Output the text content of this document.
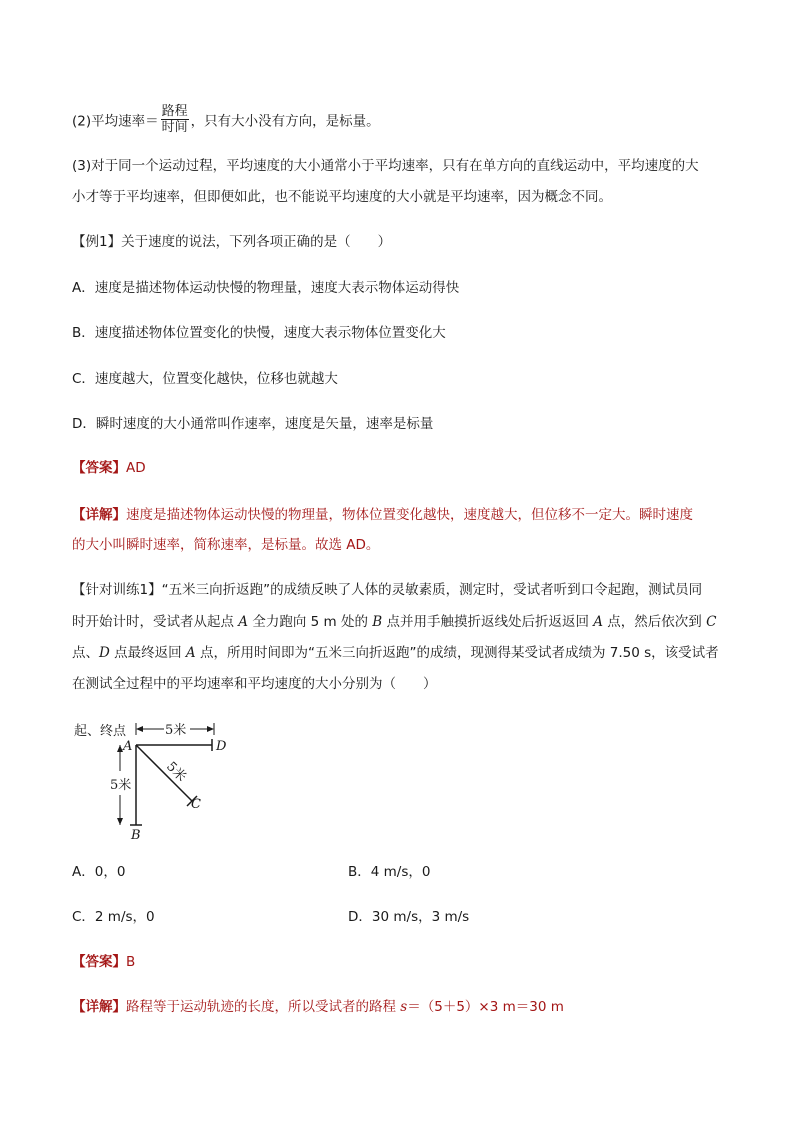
(2)平均速率＝ $\frac{\text{路程}}{\text{时间}}$ ，只有大小没有方向，是标量。
(3)对于同一个运动过程，平均速度的大小通常小于平均速率，只有在单方向的直线运动中，平均速度的大
小才等于平均速率，但即便如此，也不能说平均速度的大小就是平均速率，因为概念不同。
【例1】关于速度的说法，下列各项正确的是（　　）
A．速度是描述物体运动快慢的物理量，速度大表示物体运动得快
B．速度描述物体位置变化的快慢，速度大表示物体位置变化大
C．速度越大，位置变化越快，位移也就越大
D．瞬时速度的大小通常叫作速率，速度是矢量，速率是标量
【答案】AD
【详解】速度是描述物体运动快慢的物理量，物体位置变化越快，速度越大，但位移不一定大。瞬时速度
的大小叫瞬时速率，简称速率，是标量。故选 AD。
【针对训练1】“五米三向折返跑”的成绩反映了人体的灵敏素质，测定时，受试者听到口令起跑，测试员同
时开始计时，受试者从起点 A 全力跑向 5 m 处的 B 点并用手触摸折返线处后折返返回 A 点，然后依次到 C
点、D 点最终返回 A 点，所用时间即为“五米三向折返跑”的成绩，现测得某受试者成绩为 7.50 s，该受试者
在测试全过程中的平均速率和平均速度的大小分别为（　　）
起、终点	5米
5米
5米
A	D
B
C
A．0，0	B．4 m/s，0
C．2 m/s，0	D．30 m/s，3 m/s
【答案】B
【详解】路程等于运动轨迹的长度，所以受试者的路程 s＝（5＋5）×3 m＝30 m
